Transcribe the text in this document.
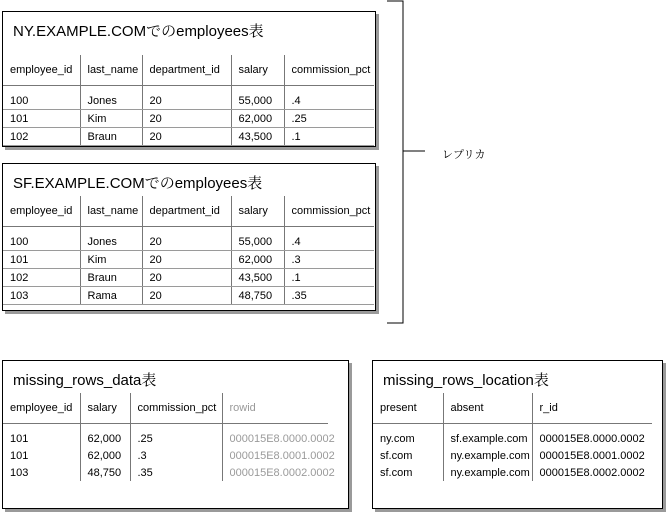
NY.EXAMPLE.COMでのemployees表
employee_id	last_name	department_id	salary	commission_pct

100	Jones	20	55,000	.4
101	Kim	20	62,000	.25
102	Braun	20	43,500	.1
SF.EXAMPLE.COMでのemployees表
employee_id	last_name	department_id	salary	commission_pct

100	Jones	20	55,000	.4
101	Kim	20	62,000	.3
102	Braun	20	43,500	.1
103	Rama	20	48,750	.35
レプリカ
missing_rows_data表
employee_id	salary	commission_pct	rowid

101	62,000	.25	000015E8.0000.0002
101	62,000	.3	000015E8.0001.0002
103	48,750	.35	000015E8.0002.0002
missing_rows_location表
present	absent	r_id

ny.com	sf.example.com	000015E8.0000.0002
sf.com	ny.example.com	000015E8.0001.0002
sf.com	ny.example.com	000015E8.0002.0002
